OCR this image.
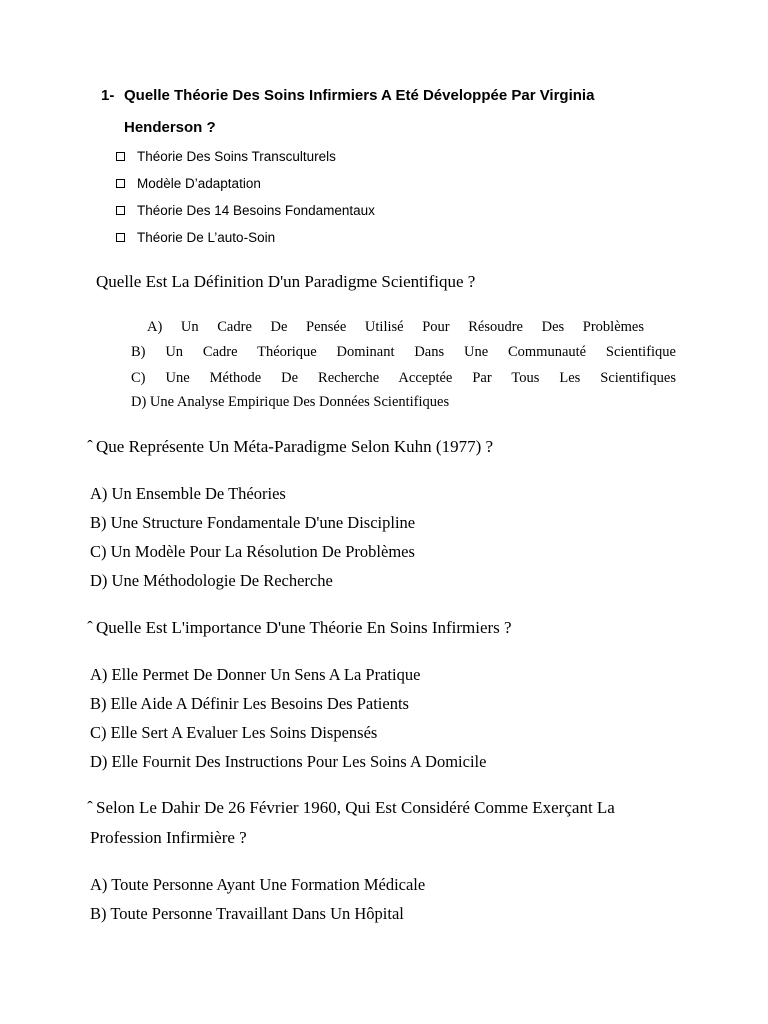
1- Quelle Théorie Des Soins Infirmiers A Eté Développée Par Virginia
Henderson ?
Théorie Des Soins Transculturels
Modèle D’adaptation
Théorie Des 14 Besoins Fondamentaux
Théorie De L’auto-Soin
Quelle Est La Définition D'un Paradigme Scientifique ?
A) Un Cadre De Pensée Utilisé Pour Résoudre Des Problèmes
B) Un Cadre Théorique Dominant Dans Une Communauté Scientifique
C) Une Méthode De Recherche Acceptée Par Tous Les Scientifiques
D) Une Analyse Empirique Des Données Scientifiques
Que Représente Un Méta-Paradigme Selon Kuhn (1977) ?
A) Un Ensemble De Théories
B) Une Structure Fondamentale D'une Discipline
C) Un Modèle Pour La Résolution De Problèmes
D) Une Méthodologie De Recherche
Quelle Est L'importance D'une Théorie En Soins Infirmiers ?
A) Elle Permet De Donner Un Sens A La Pratique
B) Elle Aide A Définir Les Besoins Des Patients
C) Elle Sert A Evaluer Les Soins Dispensés
D) Elle Fournit Des Instructions Pour Les Soins A Domicile
Selon Le Dahir De 26 Février 1960, Qui Est Considéré Comme Exerçant La
Profession Infirmière ?
A) Toute Personne Ayant Une Formation Médicale
B) Toute Personne Travaillant Dans Un Hôpital
